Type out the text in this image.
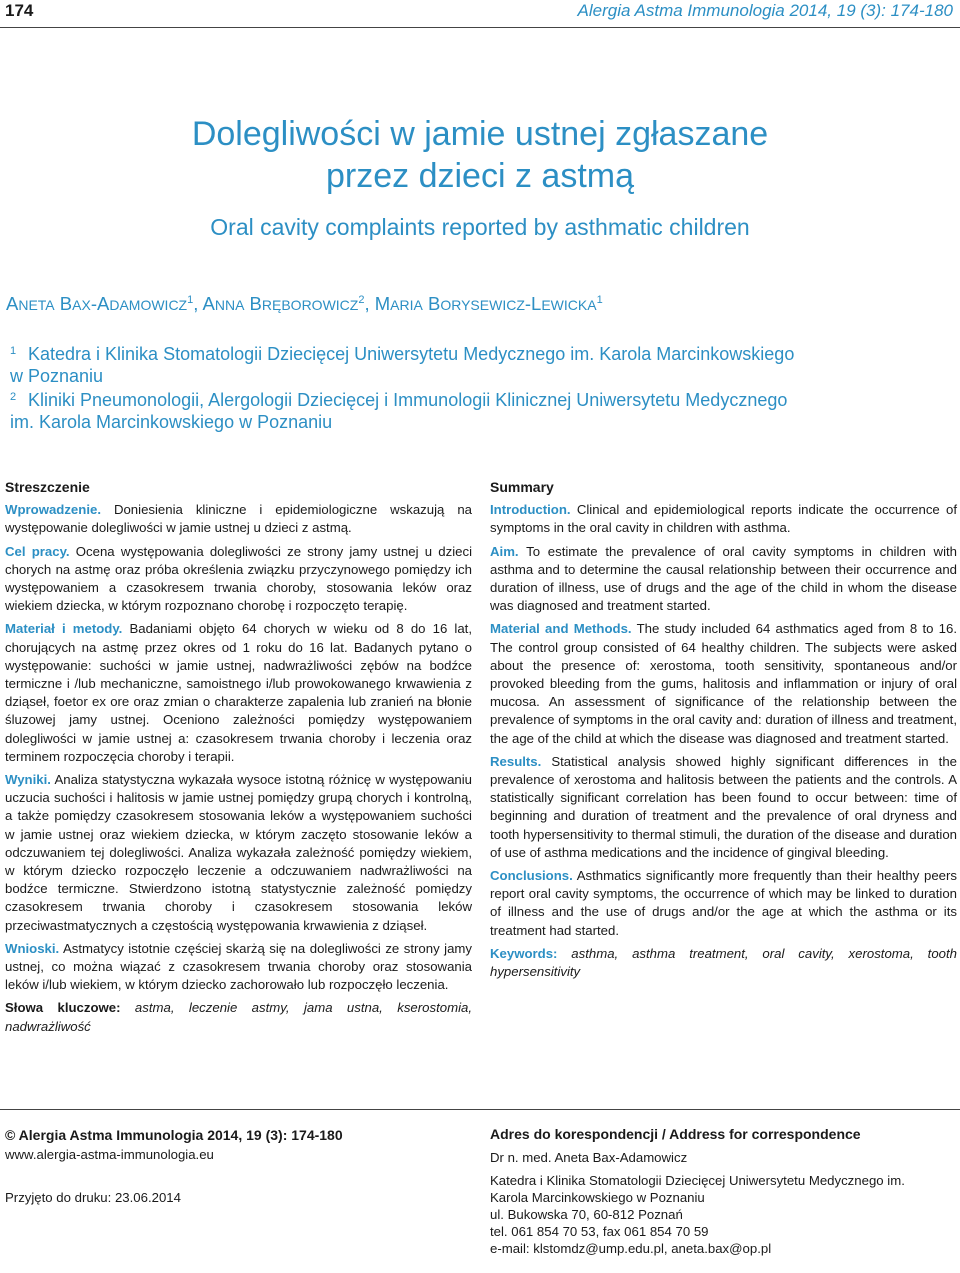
174	Alergia Astma Immunologia 2014, 19 (3): 174-180
Dolegliwości w jamie ustnej zgłaszane
przez dzieci z astmą
Oral cavity complaints reported by asthmatic children
ANETA BAX-ADAMOWICZ$^1$, ANNA BRĘBOROWICZ$^2$, MARIA BORYSEWICZ-LEWICKA$^1$
1 Katedra i Klinika Stomatologii Dziecięcej Uniwersytetu Medycznego im. Karola Marcinkowskiego
w Poznaniu
2 Kliniki Pneumonologii, Alergologii Dziecięcej i Immunologii Klinicznej Uniwersytetu Medycznego
im. Karola Marcinkowskiego w Poznaniu

Streszczenie

Wprowadzenie. Doniesienia kliniczne i epidemiologiczne wskazują na występowanie dolegliwości w jamie ustnej u dzieci z astmą.

Cel pracy. Ocena występowania dolegliwości ze strony jamy ustnej u dzieci chorych na astmę oraz próba określenia związku przyczynowego pomiędzy ich występowaniem a czasokresem trwania choroby, stosowania leków oraz wiekiem dziecka, w którym rozpoznano chorobę i rozpoczęto terapię.

Materiał i metody. Badaniami objęto 64 chorych w wieku od 8 do 16 lat, chorujących na astmę przez okres od 1 roku do 16 lat. Badanych pytano o występowanie: suchości w jamie ustnej, nadwrażliwości zębów na bodźce termiczne i /lub mechaniczne, samoistnego i/lub prowokowanego krwawienia z dziąseł, foetor ex ore oraz zmian o charakterze zapalenia lub zranień na błonie śluzowej jamy ustnej. Oceniono zależności pomiędzy występowaniem dolegliwości w jamie ustnej a: czasokresem trwania choroby i leczenia oraz terminem rozpoczęcia choroby i terapii.

Wyniki. Analiza statystyczna wykazała wysoce istotną różnicę w występowaniu uczucia suchości i halitosis w jamie ustnej pomiędzy grupą chorych i kontrolną, a także pomiędzy czasokresem stosowania leków a występowaniem suchości w jamie ustnej oraz wiekiem dziecka, w którym zaczęto stosowanie leków a odczuwaniem tej dolegliwości. Analiza wykazała zależność pomiędzy wiekiem, w którym dziecko rozpoczęło leczenie a odczuwaniem nadwrażliwości na bodźce termiczne. Stwierdzono istotną statystycznie zależność pomiędzy czasokresem trwania choroby i czasokresem stosowania leków przeciwastmatycznych a częstością występowania krwawienia z dziąseł.

Wnioski. Astmatycy istotnie częściej skarżą się na dolegliwości ze strony jamy ustnej, co można wiązać z czasokresem trwania choroby oraz stosowania leków i/lub wiekiem, w którym dziecko zachorowało lub rozpoczęło leczenia.

Słowa kluczowe: astma, leczenie astmy, jama ustna, kserostomia, nadwrażliwość

Summary

Introduction. Clinical and epidemiological reports indicate the occurrence of symptoms in the oral cavity in children with asthma.

Aim. To estimate the prevalence of oral cavity symptoms in children with asthma and to determine the causal relationship between their occurrence and duration of illness, use of drugs and the age of the child in whom the disease was diagnosed and treatment started.

Material and Methods. The study included 64 asthmatics aged from 8 to 16. The control group consisted of 64 healthy children. The subjects were asked about the presence of: xerostoma, tooth sensitivity, spontaneous and/or provoked bleeding from the gums, halitosis and inflammation or injury of oral mucosa. An assessment of significance of the relationship between the prevalence of symptoms in the oral cavity and: duration of illness and treatment, the age of the child at which the disease was diagnosed and treatment started.

Results. Statistical analysis showed highly significant differences in the prevalence of xerostoma and halitosis between the patients and the controls. A statistically significant correlation has been found to occur between: time of beginning and duration of treatment and the prevalence of oral dryness and tooth hypersensitivity to thermal stimuli, the duration of the disease and duration of use of asthma medications and the incidence of gingival bleeding.

Conclusions. Asthmatics significantly more frequently than their healthy peers report oral cavity symptoms, the occurrence of which may be linked to duration of illness and the use of drugs and/or the age at which the asthma or its treatment had started.

Keywords: asthma, asthma treatment, oral cavity, xerostoma, tooth hypersensitivity

© Alergia Astma Immunologia 2014, 19 (3): 174-180
www.alergia-astma-immunologia.eu
Przyjęto do druku: 23.06.2014
Adres do korespondencji / Address for correspondence
Dr n. med. Aneta Bax-Adamowicz
Katedra i Klinika Stomatologii Dziecięcej Uniwersytetu Medycznego im.
Karola Marcinkowskiego w Poznaniu
ul. Bukowska 70, 60-812 Poznań
tel. 061 854 70 53, fax 061 854 70 59
e-mail: klstomdz@ump.edu.pl, aneta.bax@op.pl
